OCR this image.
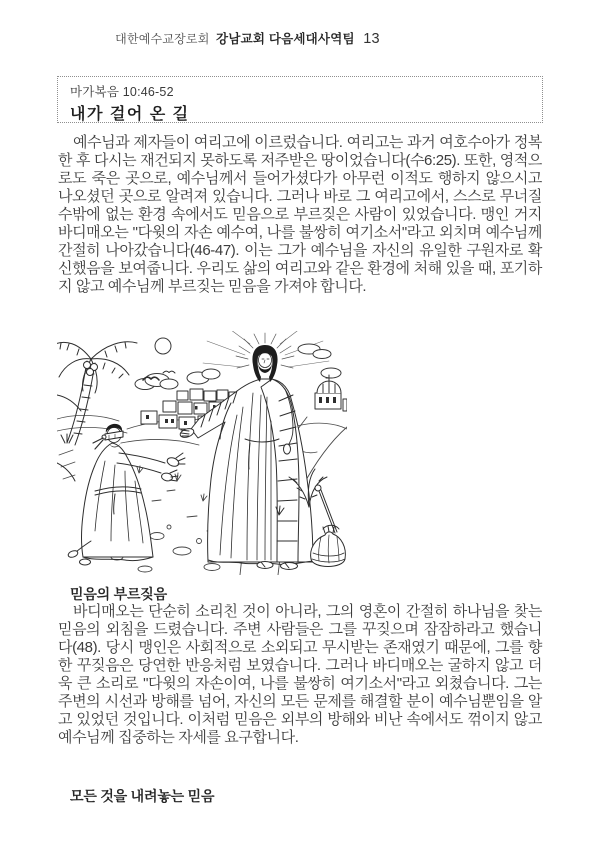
대한예수교장로회 강남교회 다음세대사역팀 13
마가복음 10:46-52
내가 걸어 온 길

예수님과 제자들이 여리고에 이르렀습니다. 여리고는 과거 여호수아가 정복한 후 다시는 재건되지 못하도록 저주받은 땅이었습니다(수6:25). 또한, 영적으로도 죽은 곳으로, 예수님께서 들어가셨다가 아무런 이적도 행하지 않으시고 나오셨던 곳으로 알려져 있습니다. 그러나 바로 그 여리고에서, 스스로 무너질 수밖에 없는 환경 속에서도 믿음으로 부르짖은 사람이 있었습니다. 맹인 거지 바디매오는 "다윗의 자손 예수여, 나를 불쌍히 여기소서"라고 외치며 예수님께 간절히 나아갔습니다(46-47). 이는 그가 예수님을 자신의 유일한 구원자로 확신했음을 보여줍니다. 우리도 삶의 여리고와 같은 환경에 처해 있을 때, 포기하지 않고 예수님께 부르짖는 믿음을 가져야 합니다.

믿음의 부르짖음

바디매오는 단순히 소리친 것이 아니라, 그의 영혼이 간절히 하나님을 찾는 믿음의 외침을 드렸습니다. 주변 사람들은 그를 꾸짖으며 잠잠하라고 했습니다(48). 당시 맹인은 사회적으로 소외되고 무시받는 존재였기 때문에, 그를 향한 꾸짖음은 당연한 반응처럼 보였습니다. 그러나 바디매오는 굴하지 않고 더욱 큰 소리로 "다윗의 자손이여, 나를 불쌍히 여기소서"라고 외쳤습니다. 그는 주변의 시선과 방해를 넘어, 자신의 모든 문제를 해결할 분이 예수님뿐임을 알고 있었던 것입니다. 이처럼 믿음은 외부의 방해와 비난 속에서도 꺾이지 않고 예수님께 집중하는 자세를 요구합니다.

모든 것을 내려놓는 믿음
